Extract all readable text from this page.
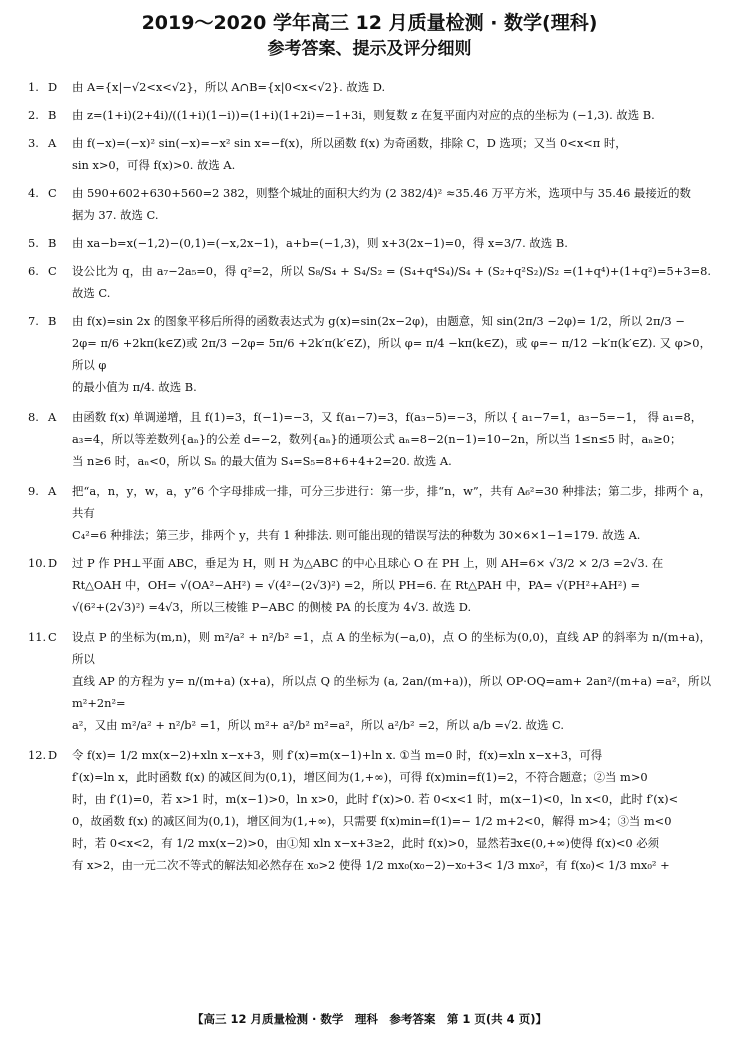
2019～2020 学年高三 12 月质量检测 · 数学(理科)
参考答案、提示及评分细则
1. D	由 A={x|−√2<x<√2}，所以 A∩B={x|0<x<√2}. 故选 D.

2. B	由 z=(1+i)(2+4i)/((1+i)(1−i))=(1+i)(1+2i)=−1+3i，则复数 z 在复平面内对应的点的坐标为 (−1,3). 故选 B.

3. A	由 f(−x)=(−x)² sin(−x)=−x² sin x=−f(x)，所以函数 f(x) 为奇函数，排除 C，D 选项；又当 0<x<π 时，

sin x>0，可得 f(x)>0. 故选 A.

4. C	由 590+602+630+560=2 382，则整个城址的面积大约为 (2 382/4)² ≈35.46 万平方米，选项中与 35.46 最接近的数

据为 37. 故选 C.

5. B	由 xa−b=x(−1,2)−(0,1)=(−x,2x−1)，a+b=(−1,3)，则 x+3(2x−1)=0，得 x=3/7. 故选 B.

6. C	设公比为 q，由 a₇−2a₅=0，得 q²=2，所以 S₈/S₄ + S₄/S₂ = (S₄+q⁴S₄)/S₄ + (S₂+q²S₂)/S₂ =(1+q⁴)+(1+q²)=5+3=8. 故选 C.

7. B	由 f(x)=sin 2x 的图象平移后所得的函数表达式为 g(x)=sin(2x−2φ)，由题意，知 sin(2π/3 −2φ)= 1/2，所以 2π/3 −

2φ= π/6 +2kπ(k∈Z)或 2π/3 −2φ= 5π/6 +2k′π(k′∈Z)，所以 φ= π/4 −kπ(k∈Z)，或 φ=− π/12 −k′π(k′∈Z). 又 φ>0，所以 φ

的最小值为 π/4. 故选 B.

8. A	由函数 f(x) 单调递增，且 f(1)=3，f(−1)=−3，又 f(a₁−7)=3，f(a₃−5)=−3，所以 { a₁−7=1，a₃−5=−1， 得 a₁=8，

a₃=4，所以等差数列{aₙ}的公差 d=−2，数列{aₙ}的通项公式 aₙ=8−2(n−1)=10−2n，所以当 1≤n≤5 时，aₙ≥0；

当 n≥6 时，aₙ<0，所以 Sₙ 的最大值为 S₄=S₅=8+6+4+2=20. 故选 A.

9. A	把“a，n，y，w，a，y”6 个字母排成一排，可分三步进行：第一步，排“n，w”，共有 A₆²=30 种排法；第二步，排两个 a，共有

C₄²=6 种排法；第三步，排两个 y，共有 1 种排法. 则可能出现的错误写法的种数为 30×6×1−1=179. 故选 A.

10. D	过 P 作 PH⊥平面 ABC，垂足为 H，则 H 为△ABC 的中心且球心 O 在 PH 上，则 AH=6× √3/2 × 2/3 =2√3. 在

Rt△OAH 中，OH= √(OA²−AH²) = √(4²−(2√3)²) =2，所以 PH=6. 在 Rt△PAH 中，PA= √(PH²+AH²) =

√(6²+(2√3)²) =4√3，所以三棱锥 P−ABC 的侧棱 PA 的长度为 4√3. 故选 D.

11. C	设点 P 的坐标为(m,n)，则 m²/a² + n²/b² =1，点 A 的坐标为(−a,0)，点 O 的坐标为(0,0)，直线 AP 的斜率为 n/(m+a)，所以

直线 AP 的方程为 y= n/(m+a) (x+a)，所以点 Q 的坐标为 (a, 2an/(m+a))，所以 OP·OQ=am+ 2an²/(m+a) =a²，所以 m²+2n²=

a²，又由 m²/a² + n²/b² =1，所以 m²+ a²/b² m²=a²，所以 a²/b² =2，所以 a/b =√2. 故选 C.

12. D	令 f(x)= 1/2 mx(x−2)+xln x−x+3，则 f′(x)=m(x−1)+ln x. ①当 m=0 时，f(x)=xln x−x+3，可得

f′(x)=ln x，此时函数 f(x) 的减区间为(0,1)，增区间为(1,+∞)，可得 f(x)min=f(1)=2，不符合题意；②当 m>0

时，由 f′(1)=0，若 x>1 时，m(x−1)>0，ln x>0，此时 f′(x)>0. 若 0<x<1 时，m(x−1)<0，ln x<0，此时 f′(x)<

0，故函数 f(x) 的减区间为(0,1)，增区间为(1,+∞)，只需要 f(x)min=f(1)=− 1/2 m+2<0，解得 m>4；③当 m<0

时，若 0<x<2，有 1/2 mx(x−2)>0，由①知 xln x−x+3≥2，此时 f(x)>0，显然若∃x∈(0,+∞)使得 f(x)<0 必须

有 x>2，由一元二次不等式的解法知必然存在 x₀>2 使得 1/2 mx₀(x₀−2)−x₀+3< 1/3 mx₀²，有 f(x₀)< 1/3 mx₀² +

【高三 12 月质量检测 · 数学　理科　参考答案　第 1 页(共 4 页)】
